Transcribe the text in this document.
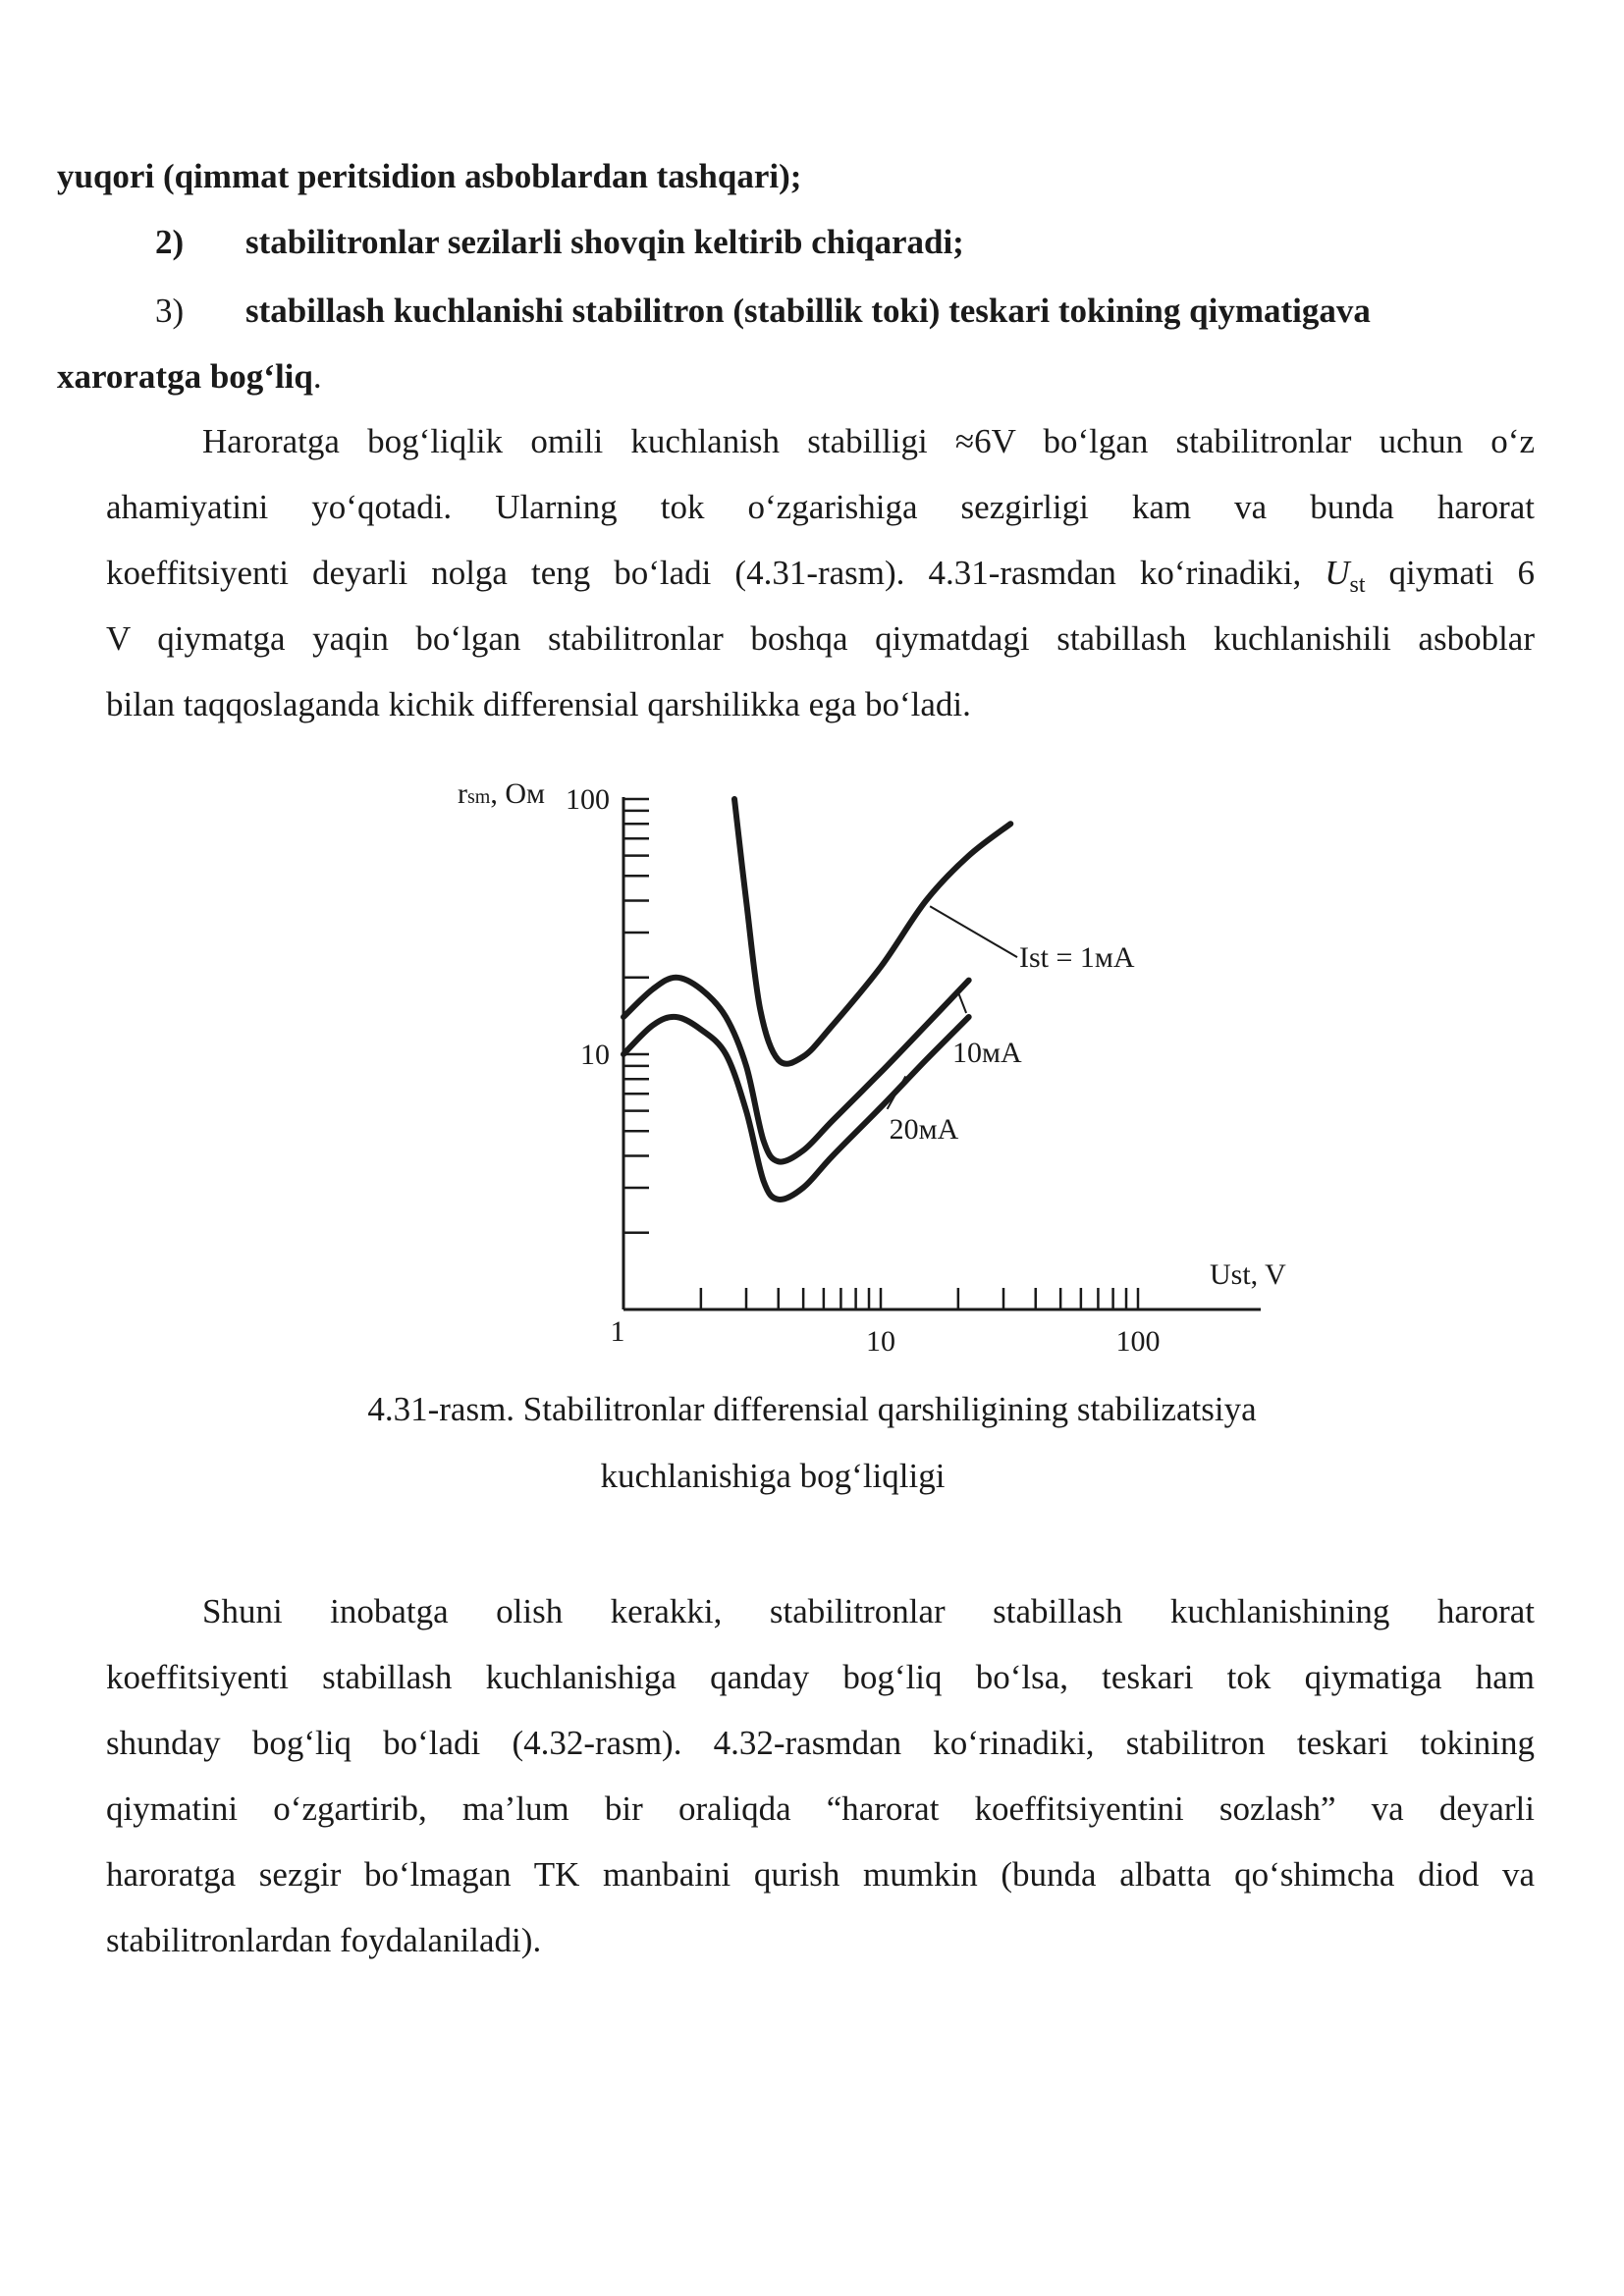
yuqori (qimmat peritsidion asboblardan tashqari);
2) stabilitronlar sezilarli shovqin keltirib chiqaradi;
3) stabillash kuchlanishi stabilitron (stabillik toki) teskari tokining qiymatigava
xaroratga bog‘liq.
Haroratga bog‘liqlik omili kuchlanish stabilligi ≈6V bo‘lgan stabilitronlar uchun o‘z
ahamiyatini yo‘qotadi. Ularning tok o‘zgarishiga sezgirligi kam va bunda harorat
koeffitsiyenti deyarli nolga teng bo‘ladi (4.31-rasm). 4.31-rasmdan ko‘rinadiki, $U_{st}$ qiymati 6
V qiymatga yaqin bo‘lgan stabilitronlar boshqa qiymatdagi stabillash kuchlanishili asboblar
bilan taqqoslaganda kichik differensial qarshilikka ega bo‘ladi.
1	10	100
10
100
rsm, Ом
Ust, V
Ist = 1мA
10мA
20мA
4.31-rasm. Stabilitronlar differensial qarshiligining stabilizatsiya
kuchlanishiga bog‘liqligi
Shuni inobatga olish kerakki, stabilitronlar stabillash kuchlanishining harorat
koeffitsiyenti stabillash kuchlanishiga qanday bog‘liq bo‘lsa, teskari tok qiymatiga ham
shunday bog‘liq bo‘ladi (4.32-rasm). 4.32-rasmdan ko‘rinadiki, stabilitron teskari tokining
qiymatini o‘zgartirib, ma’lum bir oraliqda “harorat koeffitsiyentini sozlash” va deyarli
haroratga sezgir bo‘lmagan TK manbaini qurish mumkin (bunda albatta qo‘shimcha diod va
stabilitronlardan foydalaniladi).
